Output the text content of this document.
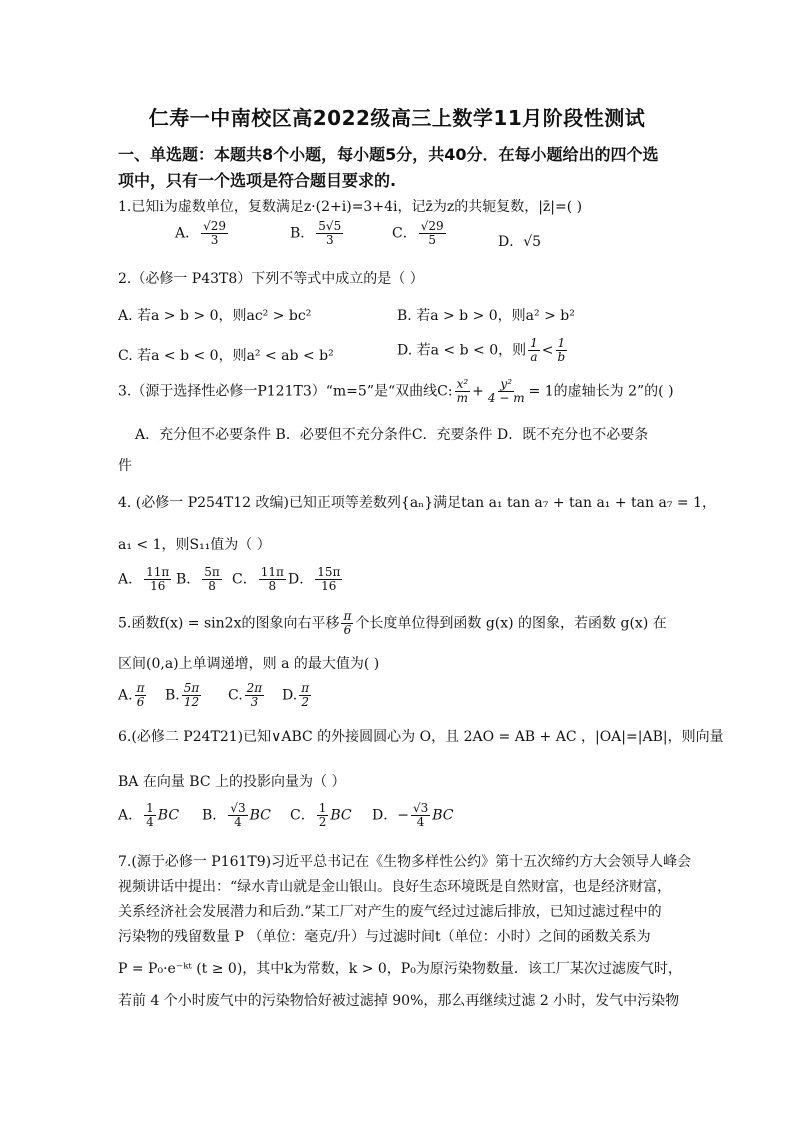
仁寿一中南校区高2022级高三上数学11月阶段性测试
一、单选题：本题共8个小题，每小题5分，共40分．在每小题给出的四个选
项中，只有一个选项是符合题目要求的.
1.已知i为虚数单位，复数满足z·(2+i)=3+4i，记z̄为z的共轭复数，|z̄|=( )
A． $\frac{√29}{3}$	B． $\frac{5√5}{3}$	C． $\frac{√29}{5}$	D．√5
2.（必修一 P43T8）下列不等式中成立的是（ ）
A. 若a > b > 0，则ac² > bc²	B. 若a > b > 0，则a² > b²
C. 若a < b < 0，则a² < ab < b²	D. 若a < b < 0，则 $\frac{1}{a} < \frac{1}{b}$
3.（源于选择性必修一P121T3）“m=5”是“双曲线C: $\frac{\text{x²}}{m} + \frac{\text{y²}}{4 - m} = 1$的虚轴长为 2”的( )
A．充分但不必要条件 B．必要但不充分条件C．充要条件 D．既不充分也不必要条
件
4. (必修一 P254T12 改编)已知正项等差数列{aₙ}满足tan a₁ tan a₇ + tan a₁ + tan a₇ = 1，
a₁ < 1，则S₁₁值为（ ）
A． $\frac{11\pi}{16}$ B． $\frac{5\pi}{8}$ C． $\frac{11\pi}{8}$ D． $\frac{15\pi}{16}$
5.函数f(x) = sin2x的图象向右平移 $\frac{\pi}{6}$ 个长度单位得到函数 g(x) 的图象，若函数 g(x) 在
区间(0,a)上单调递增，则 a 的最大值为( )
A. $\frac{\pi}{6} B$. $\frac{5\pi}{12} C$. $\frac{2\pi}{3} D$. $\frac{\pi}{2}$
6.(必修二 P24T21)已知∨ABC 的外接圆圆心为 O，且 2AO = AB + AC ，|OA|=|AB|，则向量
BA 在向量 BC 上的投影向量为（ ）
A． $\frac{1}{4}$ BC B． $\frac{√3}{4}$ BC C． $\frac{1}{2}$ BC D．− $\frac{√3}{4}$ BC
7.(源于必修一 P161T9)习近平总书记在《生物多样性公约》第十五次缔约方大会领导人峰会
视频讲话中提出：“绿水青山就是金山银山。良好生态环境既是自然财富，也是经济财富，
关系经济社会发展潜力和后劲.”某工厂对产生的废气经过过滤后排放，已知过滤过程中的
污染物的残留数量 P （单位：毫克/升）与过滤时间t（单位：小时）之间的函数关系为
P = P₀·e⁻ᵏᵗ (t ≥ 0)，其中k为常数，k > 0，P₀为原污染物数量．该工厂某次过滤废气时，
若前 4 个小时废气中的污染物恰好被过滤掉 90%，那么再继续过滤 2 小时，发气中污染物
